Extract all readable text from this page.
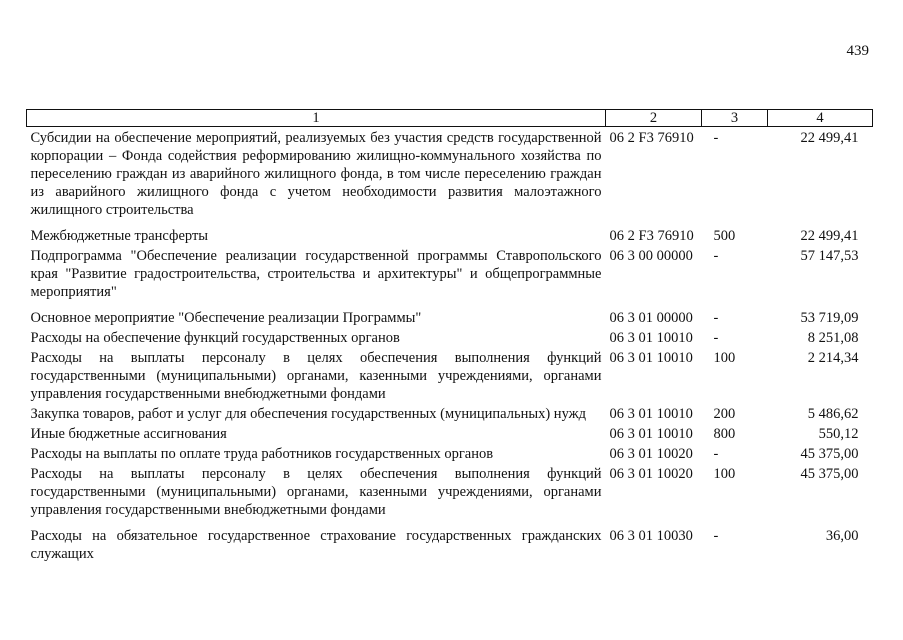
439
1	2	3	4
Субсидии на обеспечение мероприятий, реализуемых без участия средств государственной корпорации – Фонда содействия реформированию жилищно-коммунального хозяйства по переселению граждан из аварийного жилищного фонда, в том числе переселению граждан из аварийного жилищного фонда с учетом необходимости развития малоэтажного жилищного строительства	06 2 F3 76910	-	22 499,41
Межбюджетные трансферты	06 2 F3 76910	500	22 499,41
Подпрограмма "Обеспечение реализации государственной программы Ставропольского края "Развитие градостроительства, строительства и архитектуры" и общепрограммные мероприятия"	06 3 00 00000	-	57 147,53
Основное мероприятие "Обеспечение реализации Программы"	06 3 01 00000	-	53 719,09
Расходы на обеспечение функций государственных органов	06 3 01 10010	-	8 251,08
Расходы на выплаты персоналу в целях обеспечения выполнения функций государственными (муниципальными) органами, казенными учреждениями, органами управления государственными внебюджетными фондами	06 3 01 10010	100	2 214,34
Закупка товаров, работ и услуг для обеспечения государственных (муниципальных) нужд	06 3 01 10010	200	5 486,62
Иные бюджетные ассигнования	06 3 01 10010	800	550,12
Расходы на выплаты по оплате труда работников государственных органов	06 3 01 10020	-	45 375,00
Расходы на выплаты персоналу в целях обеспечения выполнения функций государственными (муниципальными) органами, казенными учреждениями, органами управления государственными внебюджетными фондами	06 3 01 10020	100	45 375,00
Расходы на обязательное государственное страхование государственных гражданских служащих	06 3 01 10030	-	36,00
